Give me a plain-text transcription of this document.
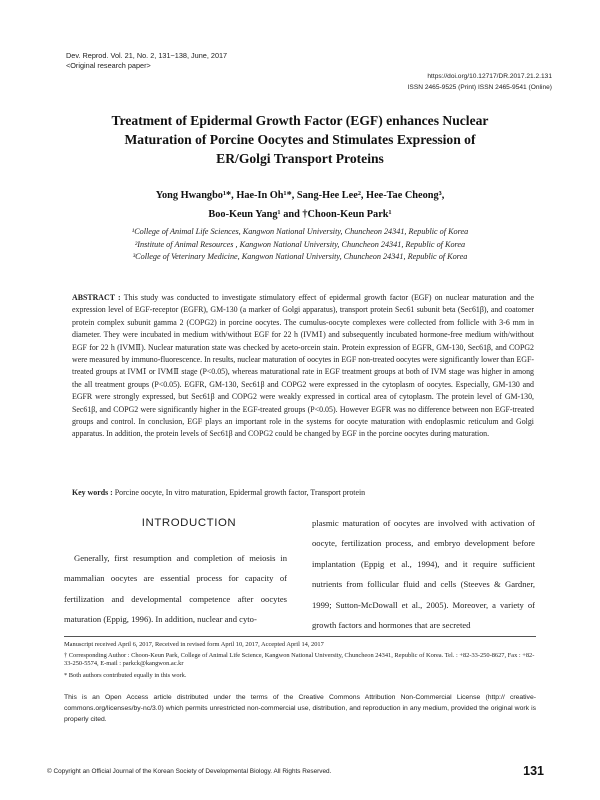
Dev. Reprod. Vol. 21, No. 2, 131~138, June, 2017
<Original research paper>
https://doi.org/10.12717/DR.2017.21.2.131
ISSN 2465-9525 (Print) ISSN 2465-9541 (Online)
Treatment of Epidermal Growth Factor (EGF) enhances Nuclear
Maturation of Porcine Oocytes and Stimulates Expression of
ER/Golgi Transport Proteins
Yong Hwangbo¹*, Hae-In Oh¹*, Sang-Hee Lee², Hee-Tae Cheong³,
Boo-Keun Yang¹ and †Choon-Keun Park¹
¹College of Animal Life Sciences, Kangwon National University, Chuncheon 24341, Republic of Korea
²Institute of Animal Resources , Kangwon National University, Chuncheon 24341, Republic of Korea
³College of Veterinary Medicine, Kangwon National University, Chuncheon 24341, Republic of Korea
ABSTRACT : This study was conducted to investigate stimulatory effect of epidermal growth factor (EGF) on nuclear maturation and the expression level of EGF-receptor (EGFR), GM-130 (a marker of Golgi apparatus), transport protein Sec61 subunit beta (Sec61β), and coatomer protein complex subunit gamma 2 (COPG2) in porcine oocytes. The cumulus-oocyte complexes were collected from follicle with 3-6 mm in diameter. They were incubated in medium with/without EGF for 22 h (IVMⅠ) and subsequently incubated hormone-free medium with/without EGF for 22 h (IVMⅡ). Nuclear maturation state was checked by aceto-orcein stain. Protein expression of EGFR, GM-130, Sec61β, and COPG2 were measured by immuno-fluorescence. In results, nuclear maturation of oocytes in EGF non-treated oocytes were significantly lower than EGF-treated groups at IVMⅠ or IVMⅡ stage (P<0.05), whereas maturational rate in EGF treatment groups at both of IVM stage was higher in among the all treatment groups (P<0.05). EGFR, GM-130, Sec61β and COPG2 were expressed in the cytoplasm of oocytes. Especially, GM-130 and EGFR were strongly expressed, but Sec61β and COPG2 were weakly expressed in cortical area of cytoplasm. The protein level of GM-130, Sec61β, and COPG2 were significantly higher in the EGF-treated groups (P<0.05). However EGFR was no difference between non EGF-treated groups and control. In conclusion, EGF plays an important role in the systems for oocyte maturation with endoplasmic reticulum and Golgi apparatus. In addition, the protein levels of Sec61β and COPG2 could be changed by EGF in the porcine oocytes during maturation.
Key words : Porcine oocyte, In vitro maturation, Epidermal growth factor, Transport protein
INTRODUCTION
Generally, first resumption and completion of meiosis in mammalian oocytes are essential process for capacity of fertilization and developmental competence after oocytes maturation (Eppig, 1996). In addition, nuclear and cyto-
plasmic maturation of oocytes are involved with activation of oocyte, fertilization process, and embryo development before implantation (Eppig et al., 1994), and it require sufficient nutrients from follicular fluid and cells (Steeves & Gardner, 1999; Sutton-McDowall et al., 2005). Moreover, a variety of growth factors and hormones that are secreted
Manuscript received April 6, 2017, Received in revised form April 10, 2017, Accepted April 14, 2017
† Corresponding Author : Choon-Keun Park, College of Animal Life Science, Kangwon National University, Chuncheon 24341, Republic of Korea. Tel. : +82-33-250-8627, Fax : +82-33-250-5574, E-mail : parkck@kangwon.ac.kr
* Both authors contributed equally in this work.
This is an Open Access article distributed under the terms of the Creative Commons Attribution Non-Commercial License (http:// creative-commons.org/licenses/by-nc/3.0) which permits unrestricted non-commercial use, distribution, and reproduction in any medium, provided the original work is properly cited.
© Copyright an Official Journal of the Korean Society of Developmental Biology. All Rights Reserved.	131
